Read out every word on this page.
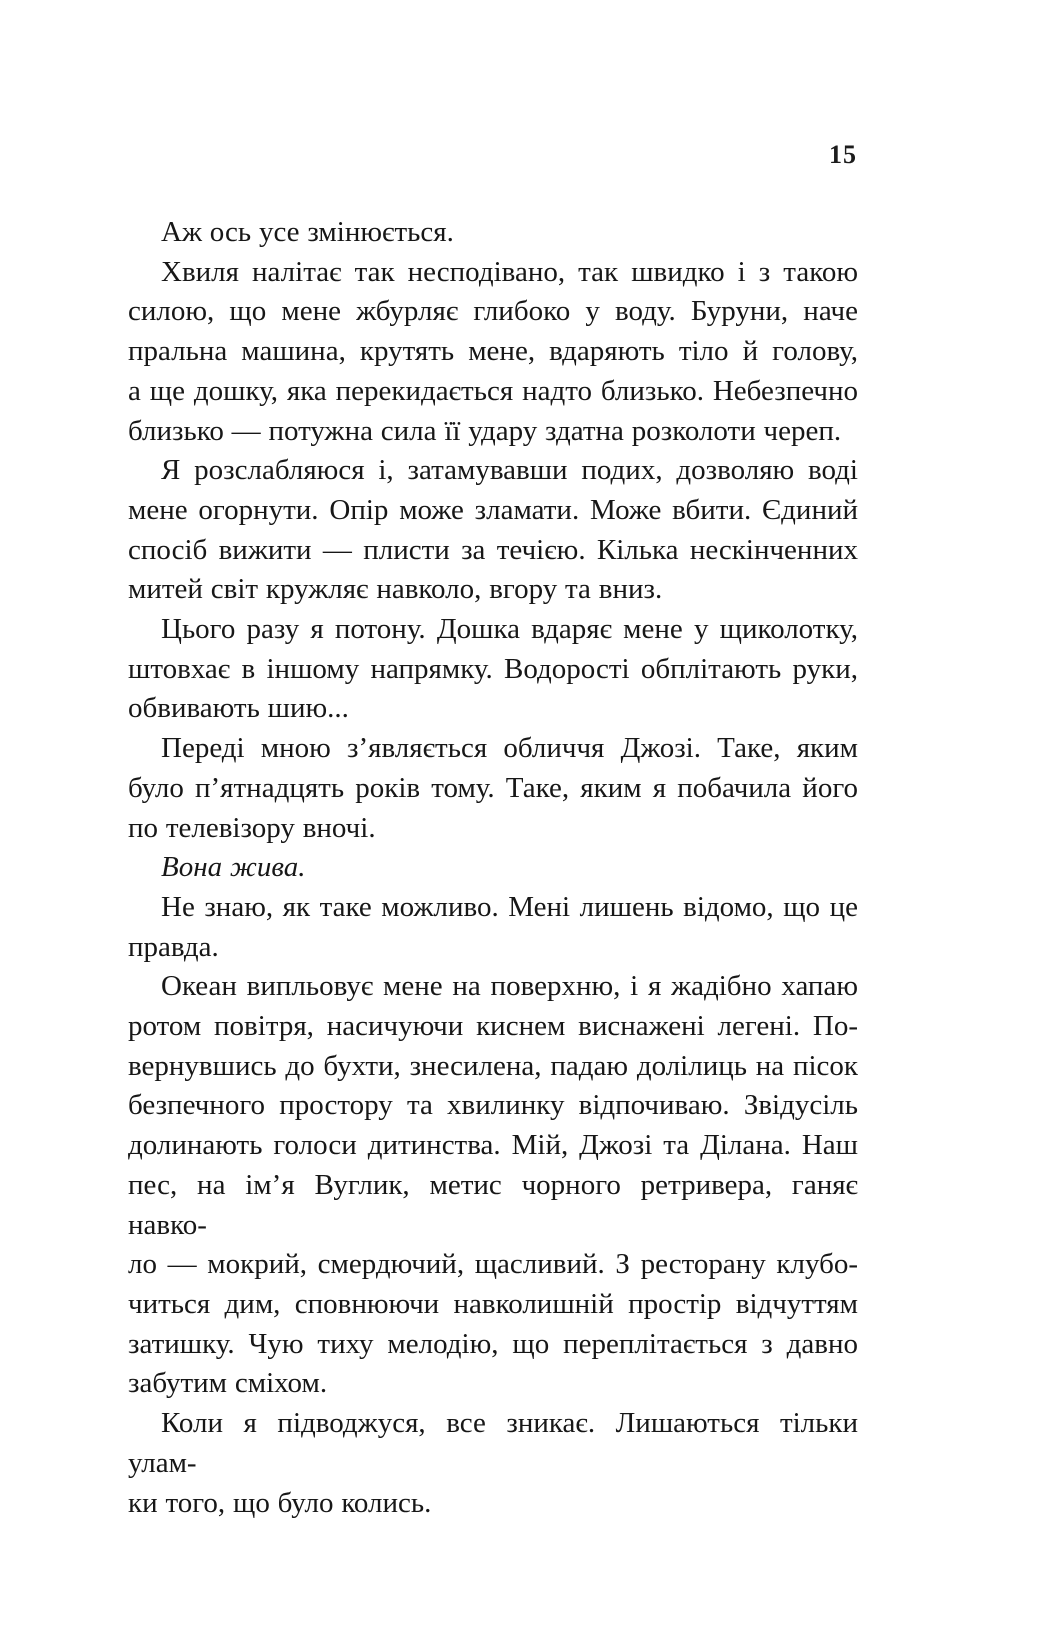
15
Аж ось усе змінюється.
Хвиля налітає так несподівано, так швидко і з такою
силою, що мене жбурляє глибоко у воду. Буруни, наче
пральна машина, крутять мене, вдаряють тіло й голову,
а ще дошку, яка перекидається надто близько. Небезпечно
близько — потужна сила її удару здатна розколоти череп.
Я розслабляюся і, затамувавши подих, дозволяю воді
мене огорнути. Опір може зламати. Може вбити. Єдиний
спосіб вижити — плисти за течією. Кілька нескінченних
митей світ кружляє навколо, вгору та вниз.
Цього разу я потону. Дошка вдаряє мене у щиколотку,
штовхає в іншому напрямку. Водорості обплітають руки,
обвивають шию...
Переді мною з’являється обличчя Джозі. Таке, яким
було п’ятнадцять років тому. Таке, яким я побачила його
по телевізору вночі.
Вона жива.
Не знаю, як таке можливо. Мені лишень відомо, що це
правда.
Океан випльовує мене на поверхню, і я жадібно хапаю
ротом повітря, насичуючи киснем виснажені легені. По-
вернувшись до бухти, знесилена, падаю долілиць на пісок
безпечного простору та хвилинку відпочиваю. Звідусіль
долинають голоси дитинства. Мій, Джозі та Ділана. Наш
пес, на ім’я Вуглик, метис чорного ретривера, ганяє навко-
ло — мокрий, смердючий, щасливий. З ресторану клубо-
читься дим, сповнюючи навколишній простір відчуттям
затишку. Чую тиху мелодію, що переплітається з давно
забутим сміхом.
Коли я підводжуся, все зникає. Лишаються тільки улам-
ки того, що було колись.
